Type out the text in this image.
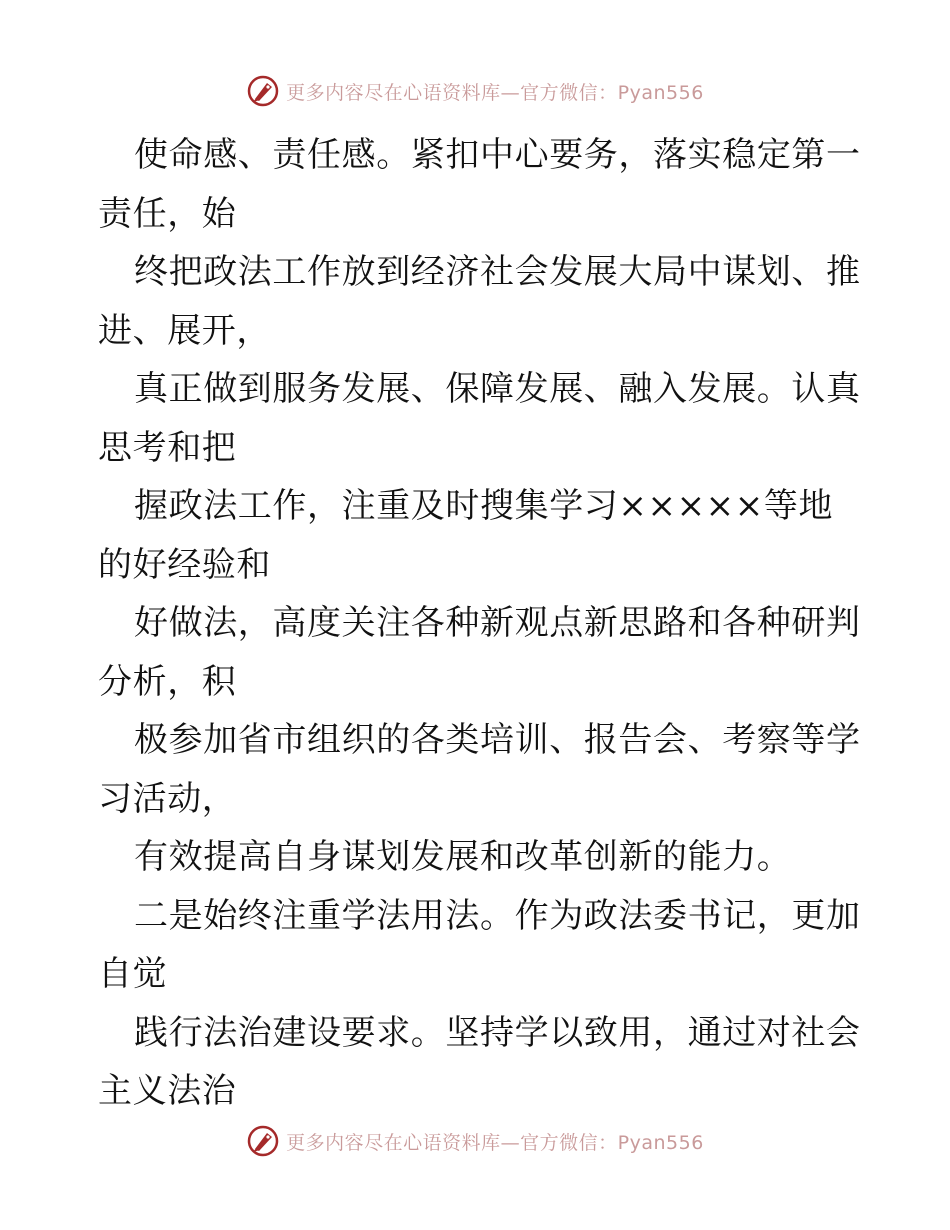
更多内容尽在心语资料库—官方微信：Pyan556
使命感、责任感。紧扣中心要务，落实稳定第一
责任，始
终把政法工作放到经济社会发展大局中谋划、推
进、展开，
真正做到服务发展、保障发展、融入发展。认真
思考和把
握政法工作，注重及时搜集学习×××××等地
的好经验和
好做法，高度关注各种新观点新思路和各种研判
分析，积
极参加省市组织的各类培训、报告会、考察等学
习活动，
有效提高自身谋划发展和改革创新的能力。
二是始终注重学法用法。作为政法委书记，更加
自觉
践行法治建设要求。坚持学以致用，通过对社会
主义法治
更多内容尽在心语资料库—官方微信：Pyan556
